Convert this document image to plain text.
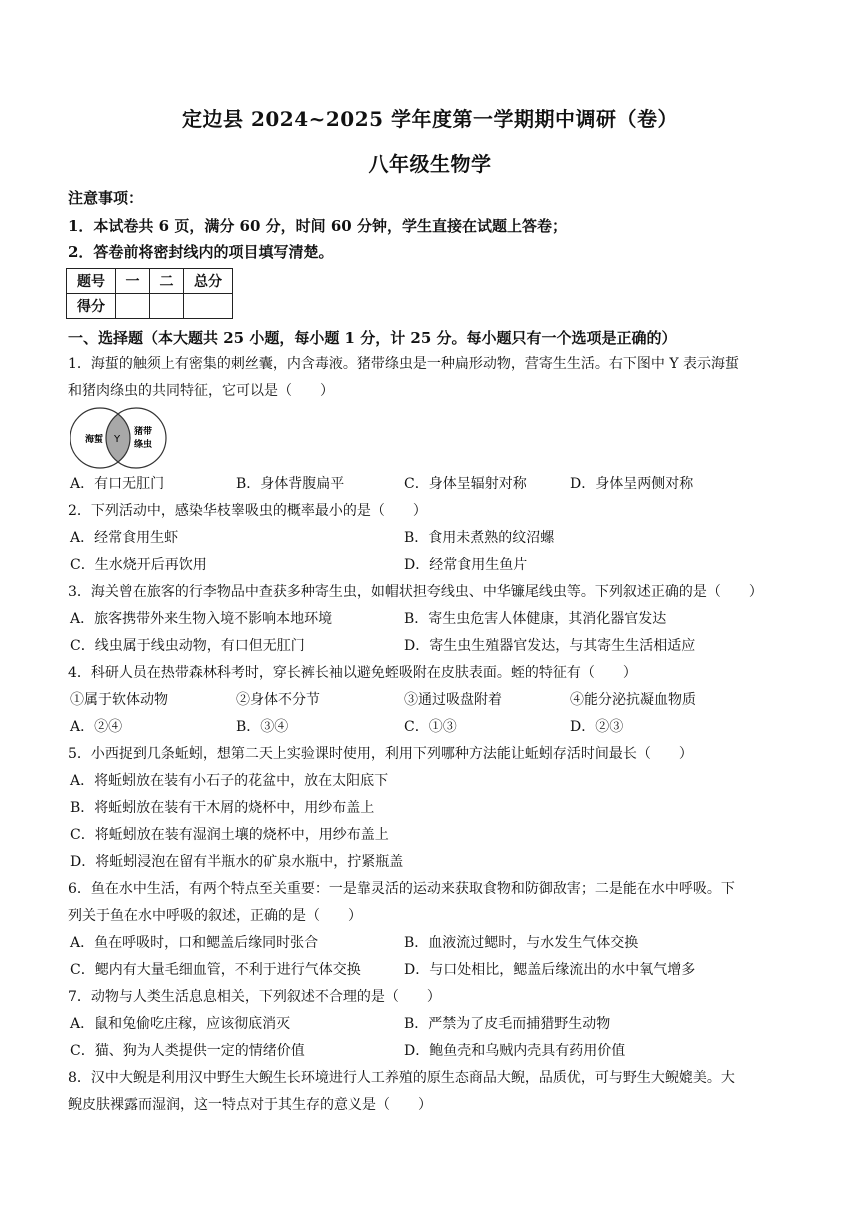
定边县 2024~2025 学年度第一学期期中调研（卷）
八年级生物学
注意事项：
1．本试卷共 6 页，满分 60 分，时间 60 分钟，学生直接在试题上答卷；
2．答卷前将密封线内的项目填写清楚。
题号	一	二	总分
得分			
一、选择题（本大题共 25 小题，每小题 1 分，计 25 分。每小题只有一个选项是正确的）
1．海蜇的触须上有密集的刺丝囊，内含毒液。猪带绦虫是一种扁形动物，营寄生生活。右下图中 Y 表示海蜇
和猪肉绦虫的共同特征，它可以是（　　）
海蜇 Y
猪带
绦虫
A．有口无肛门	B．身体背腹扁平	C．身体呈辐射对称	D．身体呈两侧对称
2．下列活动中，感染华枝睾吸虫的概率最小的是（　　）
A．经常食用生虾	B．食用未煮熟的纹沼螺
C．生水烧开后再饮用	D．经常食用生鱼片
3．海关曾在旅客的行李物品中查获多种寄生虫，如帽状担夸线虫、中华镰尾线虫等。下列叙述正确的是（　　）
A．旅客携带外来生物入境不影响本地环境	B．寄生虫危害人体健康，其消化器官发达
C．线虫属于线虫动物，有口但无肛门	D．寄生虫生殖器官发达，与其寄生生活相适应
4．科研人员在热带森林科考时，穿长裤长袖以避免蛭吸附在皮肤表面。蛭的特征有（　　）
①属于软体动物	②身体不分节	③通过吸盘附着	④能分泌抗凝血物质
A．②④	B．③④	C．①③	D．②③
5．小西捉到几条蚯蚓，想第二天上实验课时使用，利用下列哪种方法能让蚯蚓存活时间最长（　　）
A．将蚯蚓放在装有小石子的花盆中，放在太阳底下
B．将蚯蚓放在装有干木屑的烧杯中，用纱布盖上
C．将蚯蚓放在装有湿润土壤的烧杯中，用纱布盖上
D．将蚯蚓浸泡在留有半瓶水的矿泉水瓶中，拧紧瓶盖
6．鱼在水中生活，有两个特点至关重要：一是靠灵活的运动来获取食物和防御敌害；二是能在水中呼吸。下
列关于鱼在水中呼吸的叙述，正确的是（　　）
A．鱼在呼吸时，口和鳃盖后缘同时张合	B．血液流过鳃时，与水发生气体交换
C．鳃内有大量毛细血管，不利于进行气体交换	D．与口处相比，鳃盖后缘流出的水中氧气增多
7．动物与人类生活息息相关，下列叙述不合理的是（　　）
A．鼠和兔偷吃庄稼，应该彻底消灭	B．严禁为了皮毛而捕猎野生动物
C．猫、狗为人类提供一定的情绪价值	D．鲍鱼壳和乌贼内壳具有药用价值
8．汉中大鲵是利用汉中野生大鲵生长环境进行人工养殖的原生态商品大鲵，品质优，可与野生大鲵媲美。大
鲵皮肤裸露而湿润，这一特点对于其生存的意义是（　　）
